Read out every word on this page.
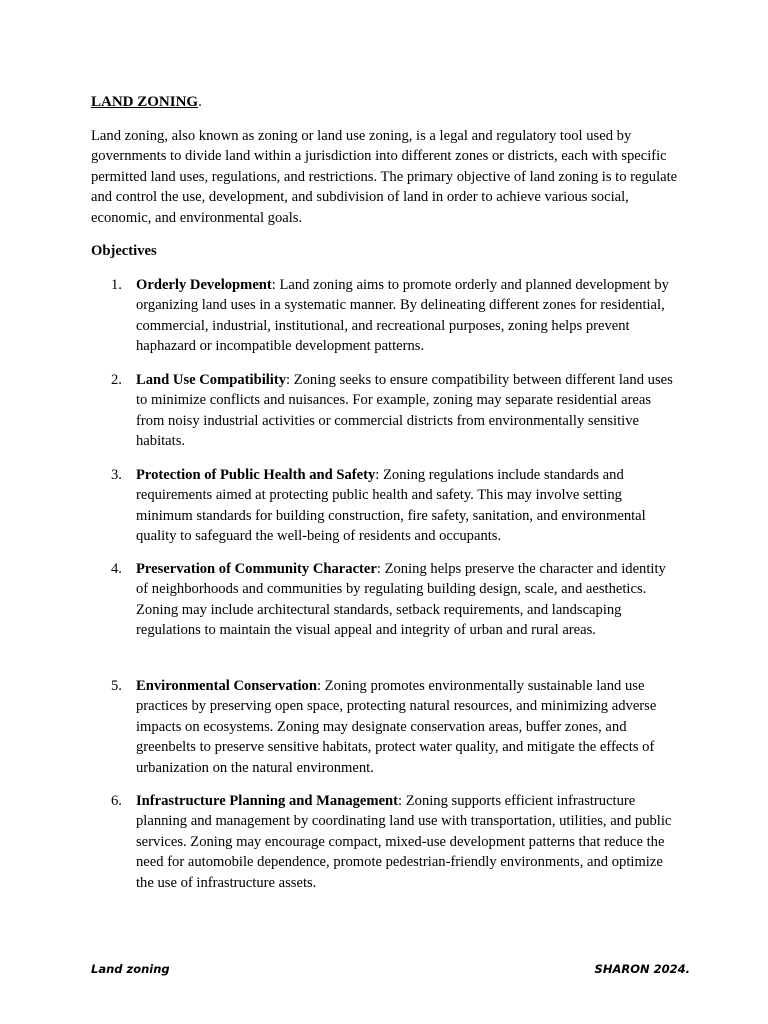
LAND ZONING.

Land zoning, also known as zoning or land use zoning, is a legal and regulatory tool used by governments to divide land within a jurisdiction into different zones or districts, each with specific permitted land uses, regulations, and restrictions. The primary objective of land zoning is to regulate and control the use, development, and subdivision of land in order to achieve various social, economic, and environmental goals.

Objectives

1. Orderly Development: Land zoning aims to promote orderly and planned development by organizing land uses in a systematic manner. By delineating different zones for residential, commercial, industrial, institutional, and recreational purposes, zoning helps prevent haphazard or incompatible development patterns.
2. Land Use Compatibility: Zoning seeks to ensure compatibility between different land uses to minimize conflicts and nuisances. For example, zoning may separate residential areas from noisy industrial activities or commercial districts from environmentally sensitive habitats.
3. Protection of Public Health and Safety: Zoning regulations include standards and requirements aimed at protecting public health and safety. This may involve setting minimum standards for building construction, fire safety, sanitation, and environmental quality to safeguard the well-being of residents and occupants.
4. Preservation of Community Character: Zoning helps preserve the character and identity of neighborhoods and communities by regulating building design, scale, and aesthetics. Zoning may include architectural standards, setback requirements, and landscaping regulations to maintain the visual appeal and integrity of urban and rural areas.
5. Environmental Conservation: Zoning promotes environmentally sustainable land use practices by preserving open space, protecting natural resources, and minimizing adverse impacts on ecosystems. Zoning may designate conservation areas, buffer zones, and greenbelts to preserve sensitive habitats, protect water quality, and mitigate the effects of urbanization on the natural environment.
6. Infrastructure Planning and Management: Zoning supports efficient infrastructure planning and management by coordinating land use with transportation, utilities, and public services. Zoning may encourage compact, mixed-use development patterns that reduce the need for automobile dependence, promote pedestrian-friendly environments, and optimize the use of infrastructure assets.
Land zoning	SHARON 2024.
